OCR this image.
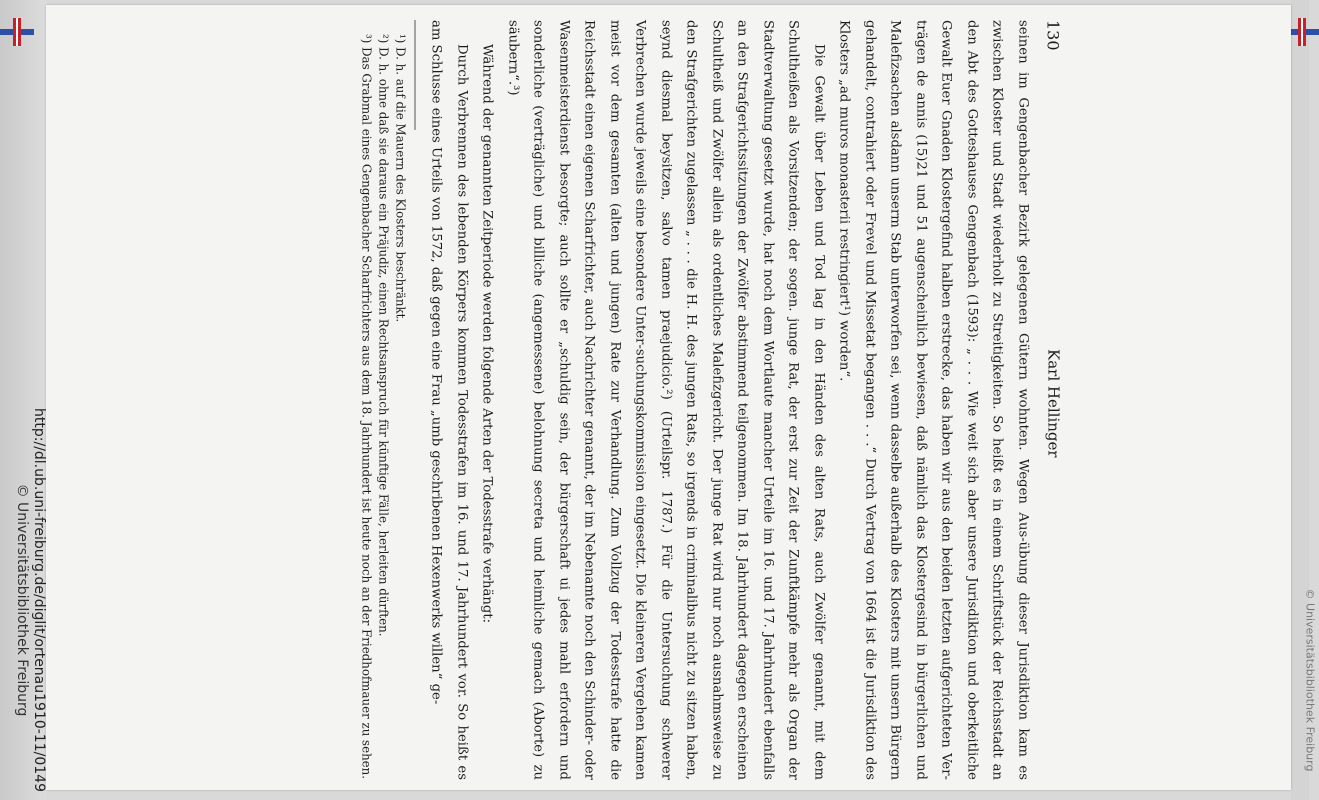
130
Karl Hellinger

seinen im Gengenbacher Bezirk gelegenen Gütern wohnten. Wegen Aus-übung dieser Jurisdiktion kam es zwischen Kloster und Stadt wiederholt zu Streitigkeiten. So heißt es in einem Schriftstück der Reichsstadt an den Abt des Gotteshauses Gengenbach (1593): „ . . . Wie weit sich aber unsere Jurisdiktion und oberkeitliche Gewalt Euer Gnaden Klostergefind halben erstrecke, das haben wir aus den beiden letzten aufgerichteten Ver-trägen de annis (15)21 und 51 augenscheinlich bewiesen, daß nämlich das Klostergesind in bürgerlichen und Malefizsachen alsdann unserm Stab unterworfen sei, wenn dasselbe außerhalb des Klosters mit unsern Bürgern gehandelt, contrahiert oder Frevel und Missetat begangen . . .“ Durch Vertrag von 1664 ist die Jurisdiktion des Klosters „ad muros monasterii restringiert¹) worden“.

Die Gewalt über Leben und Tod lag in den Händen des alten Rats, auch Zwölfer genannt, mit dem Schultheißen als Vorsitzenden; der sogen. junge Rat, der erst zur Zeit der Zunftkämpfe mehr als Organ der Stadtverwaltung gesetzt wurde, hat noch dem Wortlaute mancher Urteile im 16. und 17. Jahrhundert ebenfalls an den Strafgerichtssitzungen der Zwölfer abstimmend teilgenommen. Im 18. Jahrhundert dagegen erscheinen Schultheiß und Zwölfer allein als ordentliches Malefizgericht. Der junge Rat wird nur noch ausnahmsweise zu den Strafgerichten zugelassen „ . . . die H. H. des jungen Rats, so irgends in criminalibus nicht zu sitzen haben, seynd diesmal beysitzen, salvo tamen praejudicio.²) (Urteilspr. 1787.) Für die Untersuchung schwerer Verbrechen wurde jeweils eine besondere Unter-suchungskommission eingesetzt. Die kleineren Vergehen kamen meist vor dem gesamten (alten und jungen) Rate zur Verhandlung. Zum Vollzug der Todesstrafe hatte die Reichsstadt einen eigenen Scharfrichter, auch Nachrichter genannt, der im Nebenamte noch den Schinder- oder Wasenmeisterdienst besorgte; auch sollte er „schuldig sein, der bürgerschaft ui jedes mahl erfordern und sonderliche (verträgliche) und billiche (angemessene) belohnung secreta und heimliche gemach (Aborte) zu säubern“.³)

Während der genannten Zeitperiode werden folgende Arten der Todesstrafe verhängt:

Durch Verbrennen des lebenden Körpers kommen Todesstrafen im 16. und 17. Jahrhundert vor. So heißt es am Schlusse eines Urteils von 1572, daß gegen eine Frau „umb geschribenen Hexenwerks willen“ ge-

¹) D. h. auf die Mauern des Klosters beschränkt.

²) D. h. ohne daß sie daraus ein Präjudiz, einen Rechtsanspruch für künftige Fälle, herleiten dürften.

³) Das Grabmal eines Gengenbacher Scharfrichters aus dem 18. Jahrhundert ist heute noch an der Friedhofmauer zu sehen.

http://dl.ub.uni-freiburg.de/diglit/ortenau1910-11/0149
© Universitätsbibliothek Freiburg	© Universitätsbibliothek Freiburg
